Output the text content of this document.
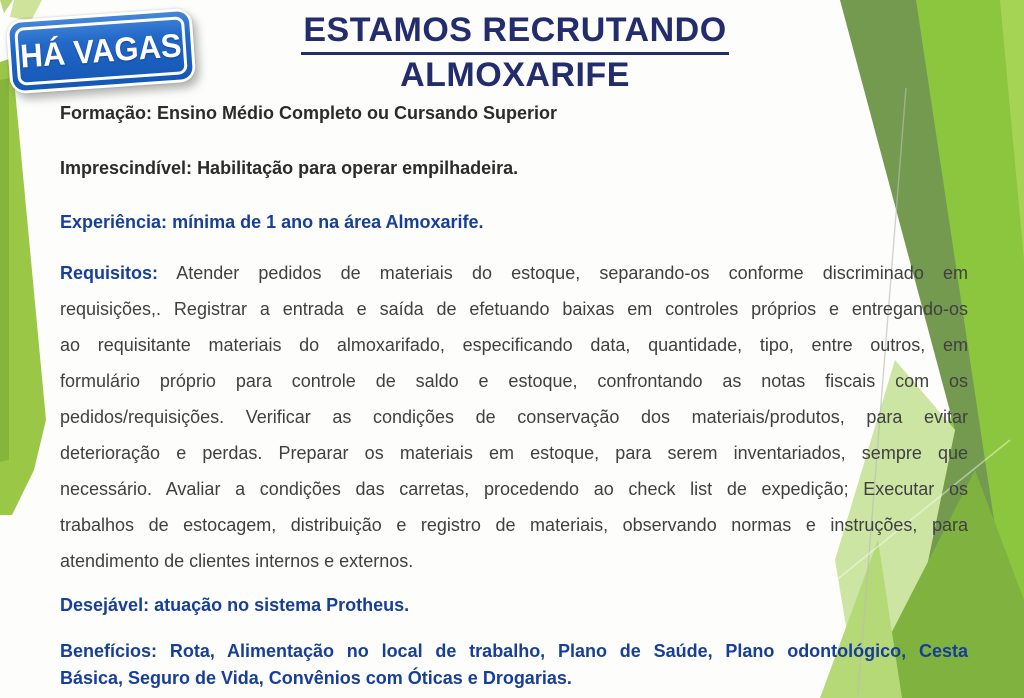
HÁ VAGAS	ESTAMOS RECRUTANDO
ALMOXARIFE
Formação: Ensino Médio Completo ou Cursando Superior
Imprescindível: Habilitação para operar empilhadeira.
Experiência: mínima de 1 ano na área Almoxarife.
Requisitos: Atender pedidos de materiais do estoque, separando-os conforme discriminado em
requisições,. Registrar a entrada e saída de efetuando baixas em controles próprios e entregando-os
ao requisitante materiais do almoxarifado, especificando data, quantidade, tipo, entre outros, em
formulário próprio para controle de saldo e estoque, confrontando as notas fiscais com os
pedidos/requisições. Verificar as condições de conservação dos materiais/produtos, para evitar
deterioração e perdas. Preparar os materiais em estoque, para serem inventariados, sempre que
necessário. Avaliar a condições das carretas, procedendo ao check list de expedição; Executar os
trabalhos de estocagem, distribuição e registro de materiais, observando normas e instruções, para
atendimento de clientes internos e externos.
Desejável: atuação no sistema Protheus.
Benefícios: Rota, Alimentação no local de trabalho, Plano de Saúde, Plano odontológico, Cesta
Básica, Seguro de Vida, Convênios com Óticas e Drogarias.
